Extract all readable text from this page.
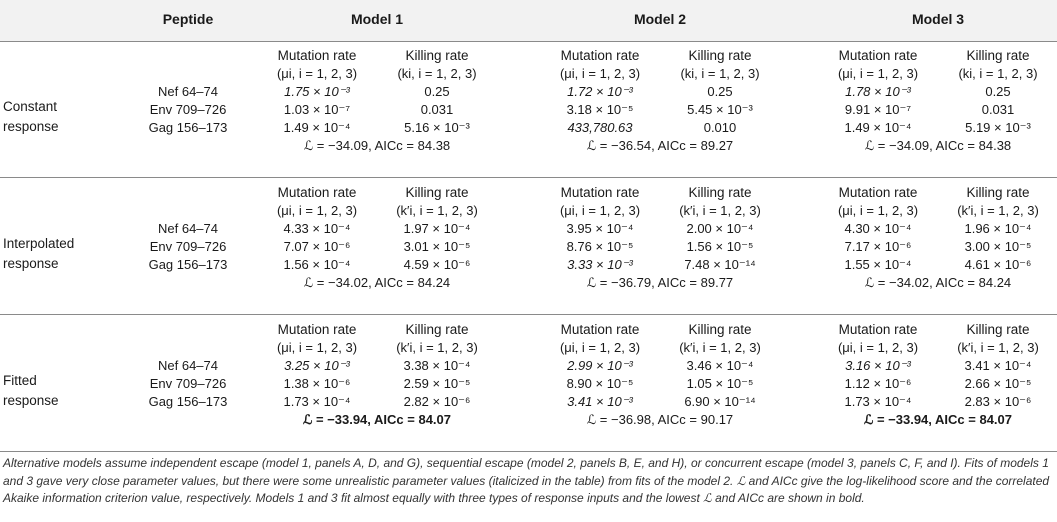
Peptide	Model 1	Model 2	Model 3
Constant
response
Mutation rate	Killing rate	Mutation rate	Killing rate	Mutation rate	Killing rate
(μi, i = 1, 2, 3)	(ki, i = 1, 2, 3)	(μi, i = 1, 2, 3)	(ki, i = 1, 2, 3)	(μi, i = 1, 2, 3)	(ki, i = 1, 2, 3)
Nef 64–74	1.75 × 10⁻³	0.25	1.72 × 10⁻³	0.25	1.78 × 10⁻³	0.25
Env 709–726	1.03 × 10⁻⁷	0.031	3.18 × 10⁻⁵	5.45 × 10⁻³	9.91 × 10⁻⁷	0.031
Gag 156–173	1.49 × 10⁻⁴	5.16 × 10⁻³	433,780.63	0.010	1.49 × 10⁻⁴	5.19 × 10⁻³
ℒ = −34.09, AICc = 84.38	ℒ = −36.54, AICc = 89.27	ℒ = −34.09, AICc = 84.38
Interpolated
response
Mutation rate	Killing rate	Mutation rate	Killing rate	Mutation rate	Killing rate
(μi, i = 1, 2, 3)	(k′i, i = 1, 2, 3)	(μi, i = 1, 2, 3)	(k′i, i = 1, 2, 3)	(μi, i = 1, 2, 3)	(k′i, i = 1, 2, 3)
Nef 64–74	4.33 × 10⁻⁴	1.97 × 10⁻⁴	3.95 × 10⁻⁴	2.00 × 10⁻⁴	4.30 × 10⁻⁴	1.96 × 10⁻⁴
Env 709–726	7.07 × 10⁻⁶	3.01 × 10⁻⁵	8.76 × 10⁻⁵	1.56 × 10⁻⁵	7.17 × 10⁻⁶	3.00 × 10⁻⁵
Gag 156–173	1.56 × 10⁻⁴	4.59 × 10⁻⁶	3.33 × 10⁻³	7.48 × 10⁻¹⁴	1.55 × 10⁻⁴	4.61 × 10⁻⁶
ℒ = −34.02, AICc = 84.24	ℒ = −36.79, AICc = 89.77	ℒ = −34.02, AICc = 84.24
Fitted
response
Mutation rate	Killing rate	Mutation rate	Killing rate	Mutation rate	Killing rate
(μi, i = 1, 2, 3)	(k′i, i = 1, 2, 3)	(μi, i = 1, 2, 3)	(k′i, i = 1, 2, 3)	(μi, i = 1, 2, 3)	(k′i, i = 1, 2, 3)
Nef 64–74	3.25 × 10⁻³	3.38 × 10⁻⁴	2.99 × 10⁻³	3.46 × 10⁻⁴	3.16 × 10⁻³	3.41 × 10⁻⁴
Env 709–726	1.38 × 10⁻⁶	2.59 × 10⁻⁵	8.90 × 10⁻⁵	1.05 × 10⁻⁵	1.12 × 10⁻⁶	2.66 × 10⁻⁵
Gag 156–173	1.73 × 10⁻⁴	2.82 × 10⁻⁶	3.41 × 10⁻³	6.90 × 10⁻¹⁴	1.73 × 10⁻⁴	2.83 × 10⁻⁶
ℒ = −33.94, AICc = 84.07	ℒ = −36.98, AICc = 90.17	ℒ = −33.94, AICc = 84.07
Alternative models assume independent escape (model 1, panels A, D, and G), sequential escape (model 2, panels B, E, and H), or concurrent escape (model 3, panels C, F, and I). Fits of models 1 and 3 gave very close parameter values, but there were some unrealistic parameter values (italicized in the table) from fits of the model 2. ℒ and AICc give the log-likelihood score and the correlated Akaike information criterion value, respectively. Models 1 and 3 fit almost equally with three types of response inputs and the lowest ℒ and AICc are shown in bold.
